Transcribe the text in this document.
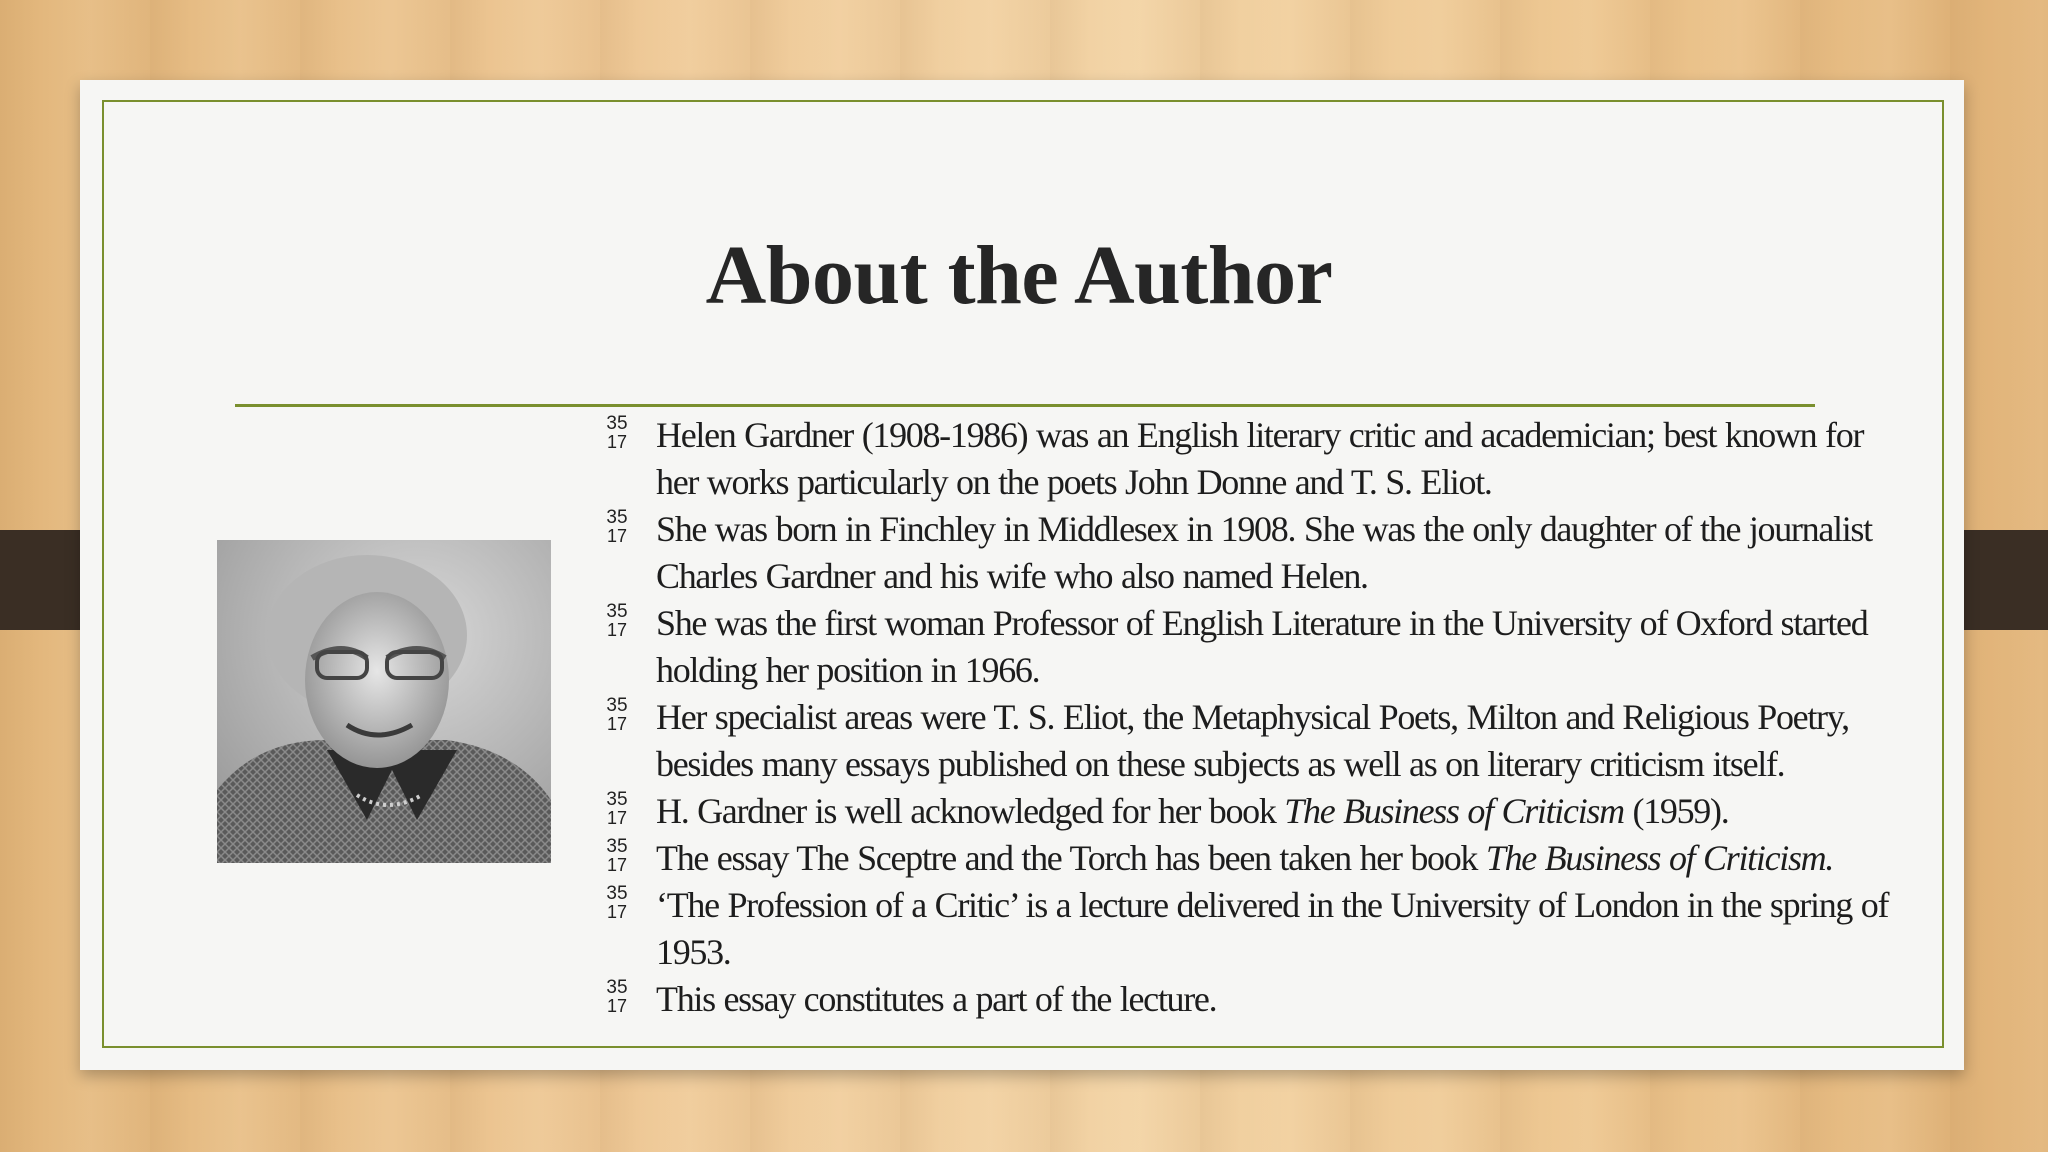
About the Author
35
17 Helen Gardner (1908-1986) was an English literary critic and academician; best known for her works particularly on the poets John Donne and T. S. Eliot.
35
17 She was born in Finchley in Middlesex in 1908. She was the only daughter of the journalist Charles Gardner and his wife who also named Helen.
35
17 She was the first woman Professor of English Literature in the University of Oxford started holding her position in 1966.
35
17 Her specialist areas were T. S. Eliot, the Metaphysical Poets, Milton and Religious Poetry, besides many essays published on these subjects as well as on literary criticism itself.
35
17 H. Gardner is well acknowledged for her book The Business of Criticism (1959).
35
17 The essay The Sceptre and the Torch has been taken her book The Business of Criticism.
35
17 ‘The Profession of a Critic’ is a lecture delivered in the University of London in the spring of 1953.
35
17 This essay constitutes a part of the lecture.
